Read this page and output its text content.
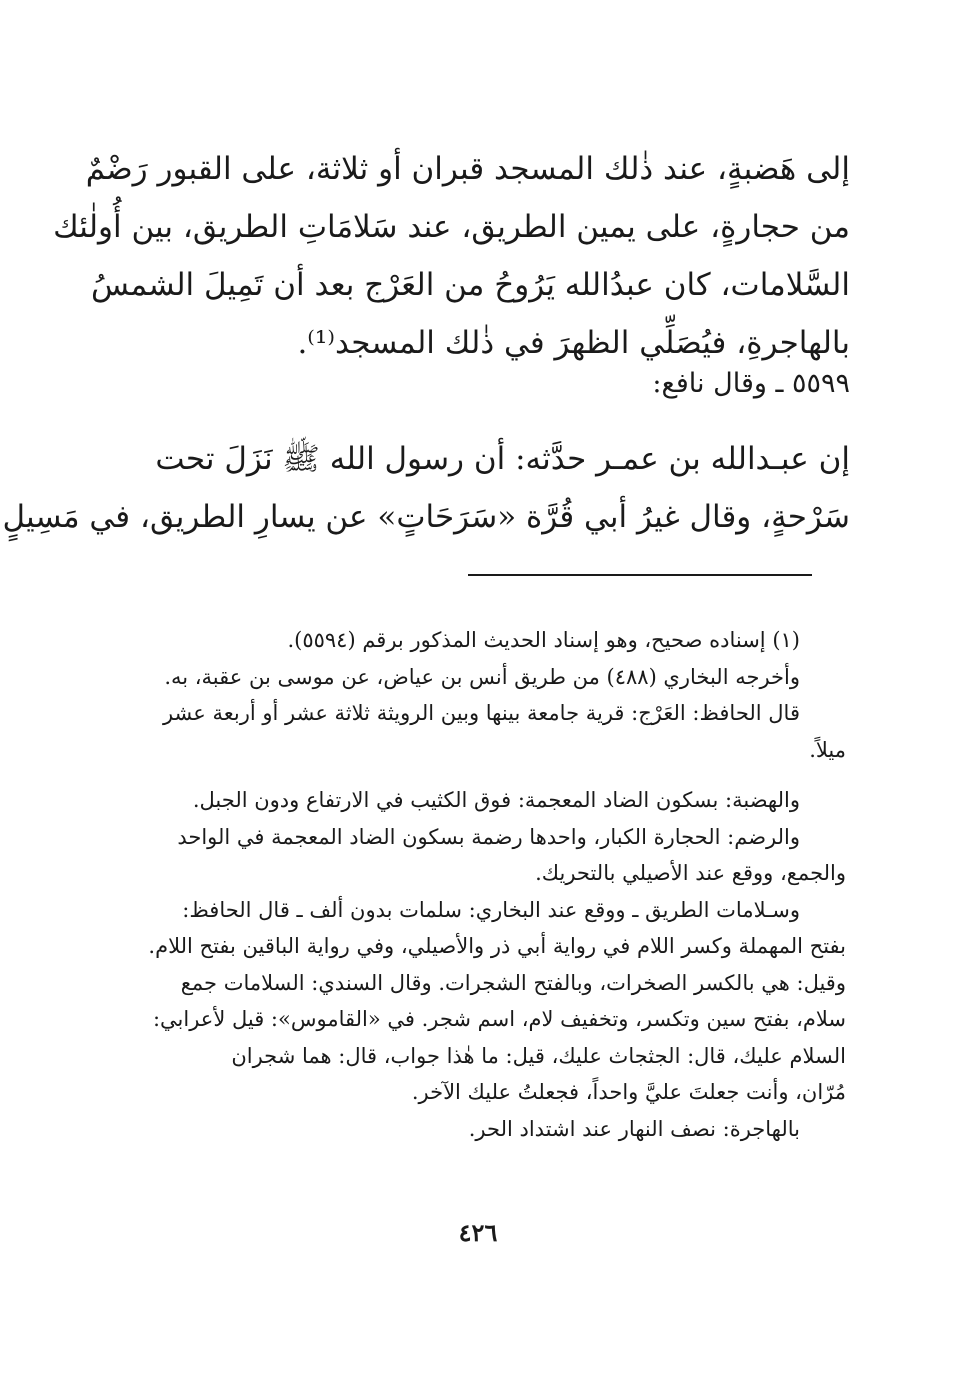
إلى هَضبةٍ، عند ذٰلك المسجد قبران أو ثلاثة، على القبور رَضْمٌ
من حجارةٍ، على يمين الطريق، عند سَلامَاتِ الطريق، بين أُولٰئك
السَّلامات، كان عبدُالله يَرُوحُ من العَرْج بعد أن تَمِيلَ الشمسُ
بالهاجرةِ، فيُصَلِّي الظهرَ في ذٰلك المسجد⁽¹⁾.
٥٥٩٩ ـ وقال نافع:
إن عبـدالله بن عمـر حدَّثه: أن رسول الله ﷺ نَزَلَ تحت
سَرْحةٍ، وقال غيرُ أبي قُرَّة «سَرَحَاتٍ» عن يسارِ الطريق، في مَسِيلٍ
(١) إسناده صحيح، وهو إسناد الحديث المذكور برقم (٥٥٩٤).
وأخرجه البخاري (٤٨٨) من طريق أنس بن عياض، عن موسى بن عقبة، به.
قال الحافظ: العَرْج: قرية جامعة بينها وبين الرويثة ثلاثة عشر أو أربعة عشر
ميلاً.
والهضبة: بسكون الضاد المعجمة: فوق الكثيب في الارتفاع ودون الجبل.
والرضم: الحجارة الكبار، واحدها رضمة بسكون الضاد المعجمة في الواحد
والجمع، ووقع عند الأصيلي بالتحريك.
وسـلامات الطريق ـ ووقع عند البخاري: سلمات بدون ألف ـ قال الحافظ:
بفتح المهملة وكسر اللام في رواية أبي ذر والأصيلي، وفي رواية الباقين بفتح اللام.
وقيل: هي بالكسر الصخرات، وبالفتح الشجرات. وقال السندي: السلامات جمع
سلام، بفتح سين وتكسر، وتخفيف لام، اسم شجر. في «القاموس»: قيل لأعرابي:
السلام عليك، قال: الجثجاث عليك، قيل: ما هٰذا جواب، قال: هما شجران
مُرّان، وأنت جعلتَ عليَّ واحداً، فجعلتُ عليك الآخر.
بالهاجرة: نصف النهار عند اشتداد الحر.
٤٢٦
